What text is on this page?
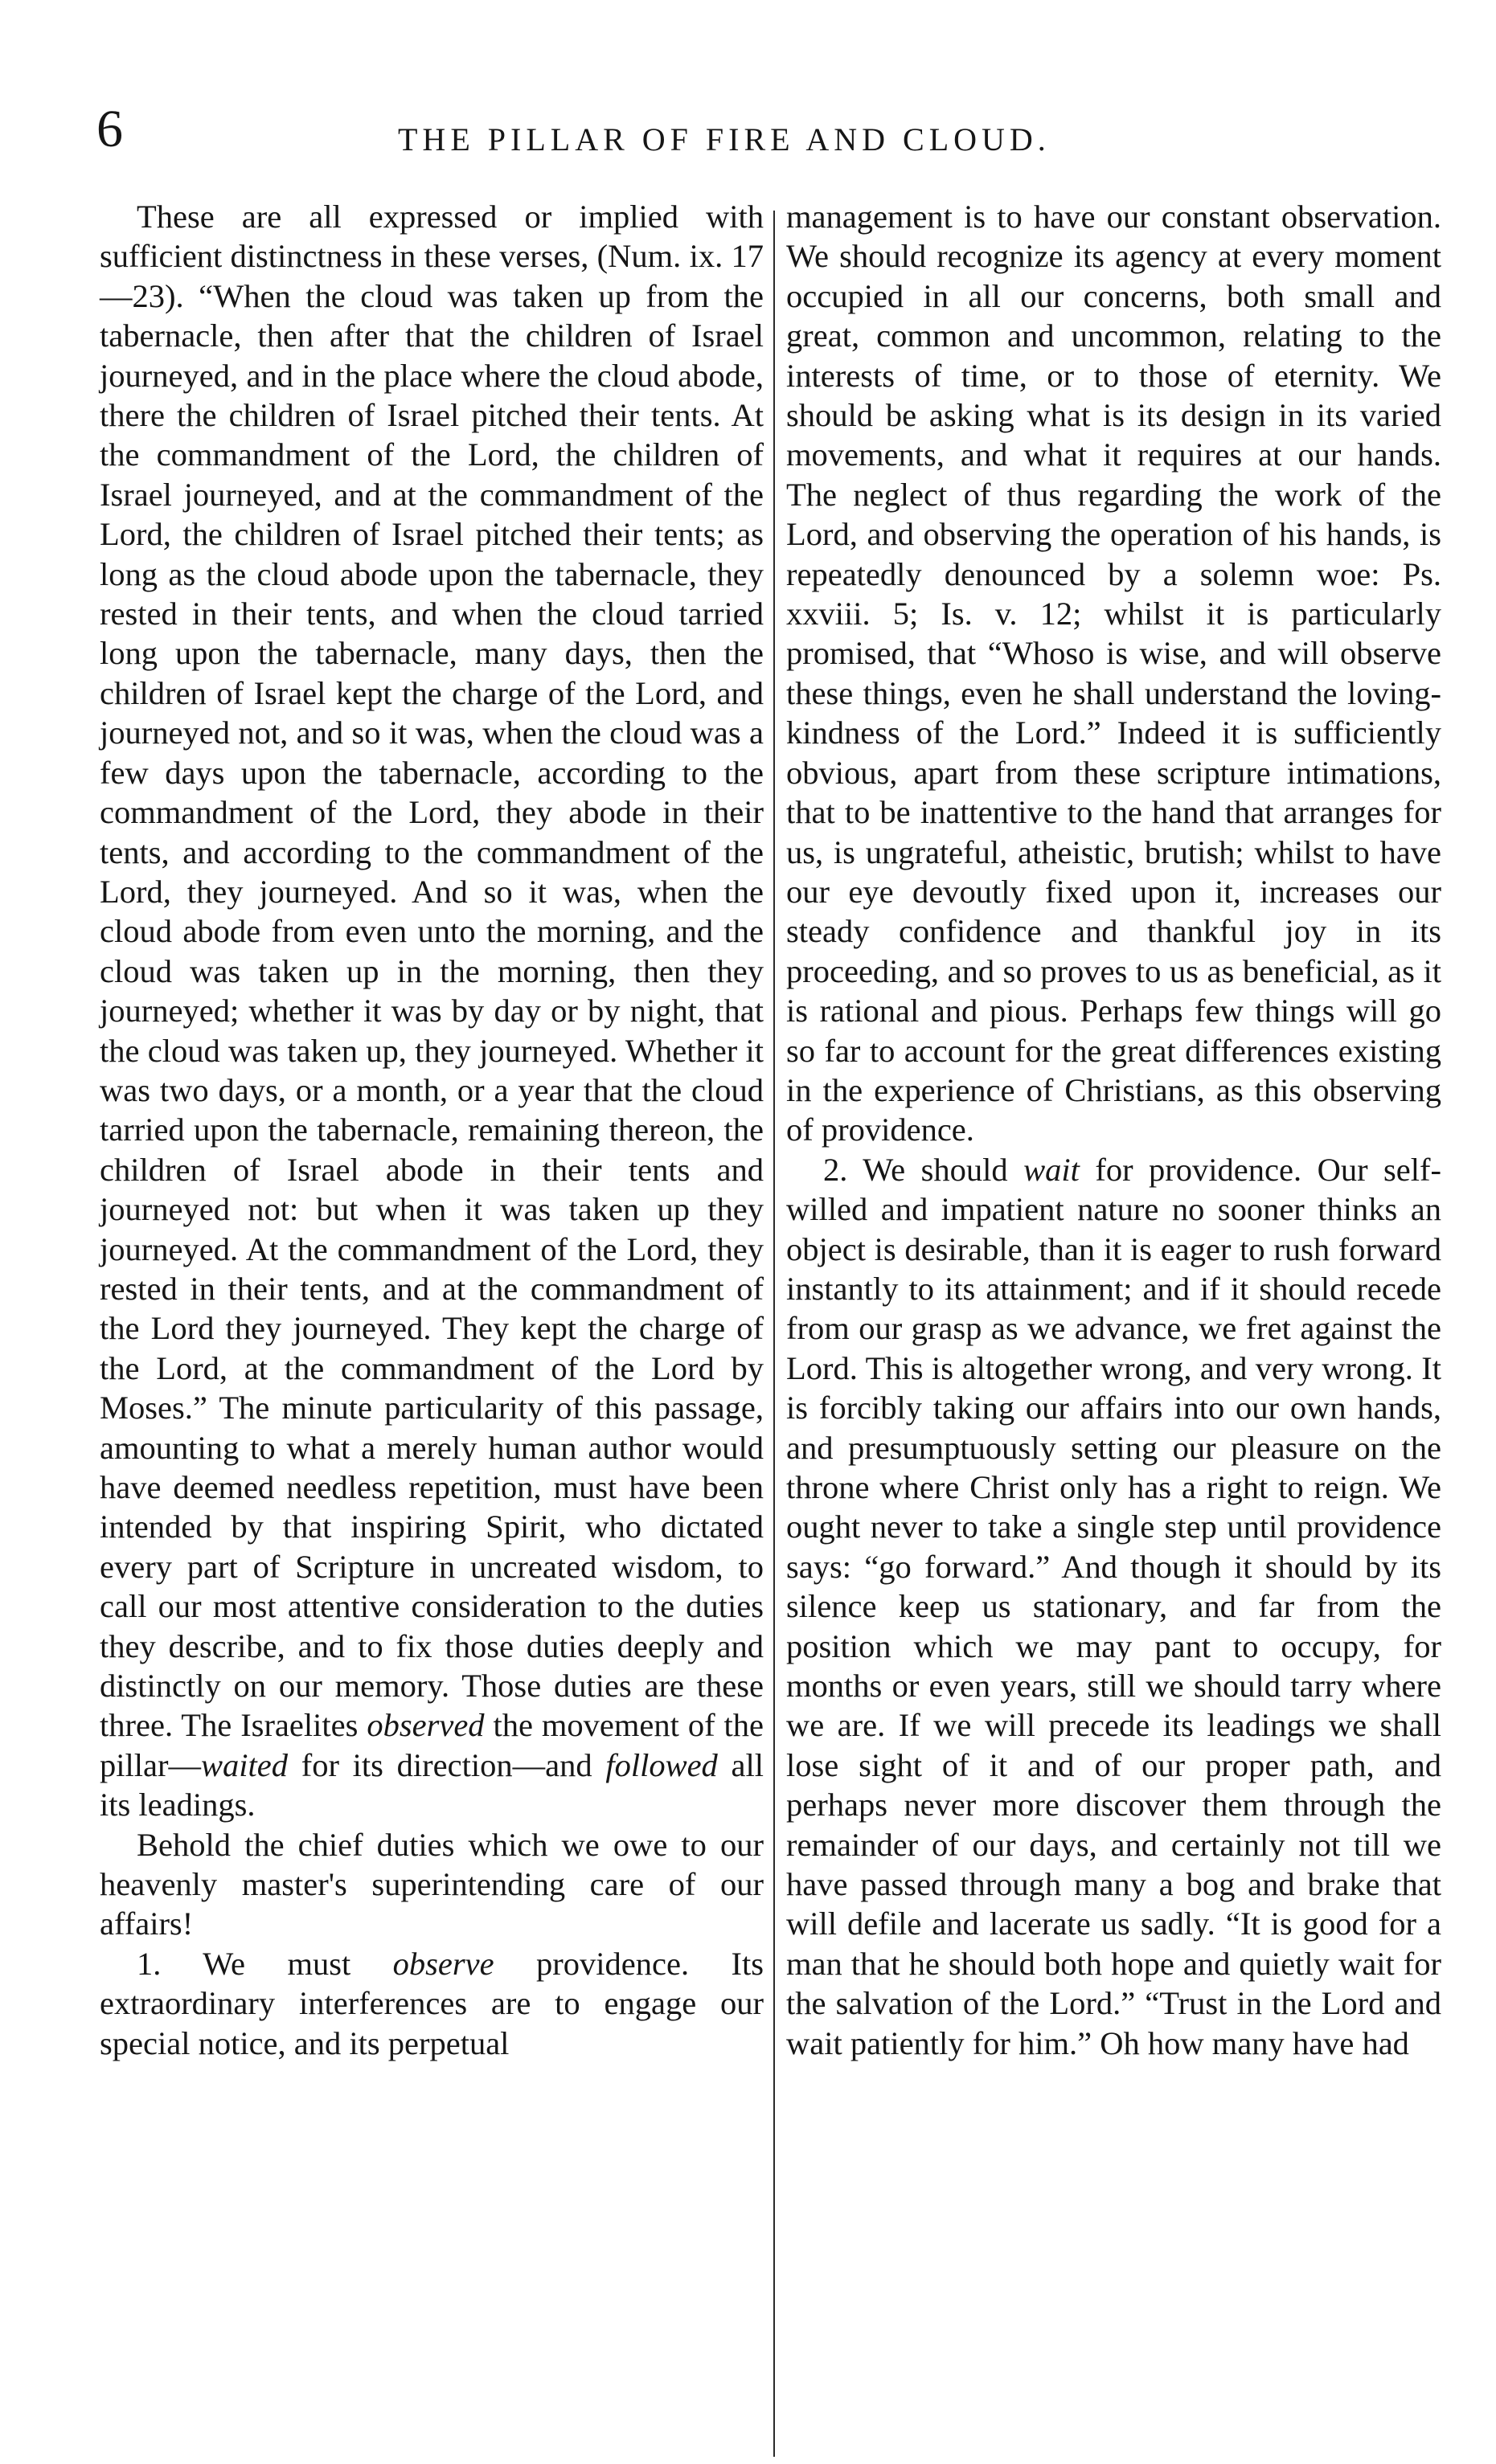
6	THE PILLAR OF FIRE AND CLOUD.

These are all expressed or implied with sufficient distinctness in these verses, (Num. ix. 17—23). “When the cloud was taken up from the tabernacle, then after that the children of Israel journeyed, and in the place where the cloud abode, there the children of Israel pitched their tents. At the commandment of the Lord, the children of Israel journeyed, and at the commandment of the Lord, the children of Israel pitched their tents; as long as the cloud abode upon the tabernacle, they rested in their tents, and when the cloud tarried long upon the tabernacle, many days, then the children of Israel kept the charge of the Lord, and journeyed not, and so it was, when the cloud was a few days upon the tabernacle, according to the commandment of the Lord, they abode in their tents, and according to the commandment of the Lord, they journeyed. And so it was, when the cloud abode from even unto the morning, and the cloud was taken up in the morning, then they journeyed; whether it was by day or by night, that the cloud was taken up, they journeyed. Whether it was two days, or a month, or a year that the cloud tarried upon the tabernacle, remaining thereon, the children of Israel abode in their tents and journeyed not: but when it was taken up they journeyed. At the commandment of the Lord, they rested in their tents, and at the commandment of the Lord they journeyed. They kept the charge of the Lord, at the commandment of the Lord by Moses.” The minute particularity of this passage, amounting to what a merely human author would have deemed needless repetition, must have been intended by that inspiring Spirit, who dictated every part of Scripture in uncreated wisdom, to call our most attentive consideration to the duties they describe, and to fix those duties deeply and distinctly on our memory. Those duties are these three. The Israelites observed the movement of the pillar—waited for its direction—and followed all its leadings.

Behold the chief duties which we owe to our heavenly master's superintending care of our affairs!

1. We must observe providence. Its extraordinary interferences are to engage our special notice, and its perpetual

management is to have our constant observation. We should recognize its agency at every moment occupied in all our concerns, both small and great, common and uncommon, relating to the interests of time, or to those of eternity. We should be asking what is its design in its varied movements, and what it requires at our hands. The neglect of thus regarding the work of the Lord, and observing the operation of his hands, is repeatedly denounced by a solemn woe: Ps. xxviii. 5; Is. v. 12; whilst it is particularly promised, that “Whoso is wise, and will observe these things, even he shall understand the loving-kindness of the Lord.” Indeed it is sufficiently obvious, apart from these scripture intimations, that to be inattentive to the hand that arranges for us, is ungrateful, atheistic, brutish; whilst to have our eye devoutly fixed upon it, increases our steady confidence and thankful joy in its proceeding, and so proves to us as beneficial, as it is rational and pious. Perhaps few things will go so far to account for the great differences existing in the experience of Christians, as this observing of providence.

2. We should wait for providence. Our self-willed and impatient nature no sooner thinks an object is desirable, than it is eager to rush forward instantly to its attainment; and if it should recede from our grasp as we advance, we fret against the Lord. This is altogether wrong, and very wrong. It is forcibly taking our affairs into our own hands, and presumptuously setting our pleasure on the throne where Christ only has a right to reign. We ought never to take a single step until providence says: “go forward.” And though it should by its silence keep us stationary, and far from the position which we may pant to occupy, for months or even years, still we should tarry where we are. If we will precede its leadings we shall lose sight of it and of our proper path, and perhaps never more discover them through the remainder of our days, and certainly not till we have passed through many a bog and brake that will defile and lacerate us sadly. “It is good for a man that he should both hope and quietly wait for the salvation of the Lord.” “Trust in the Lord and wait patiently for him.” Oh how many have had
